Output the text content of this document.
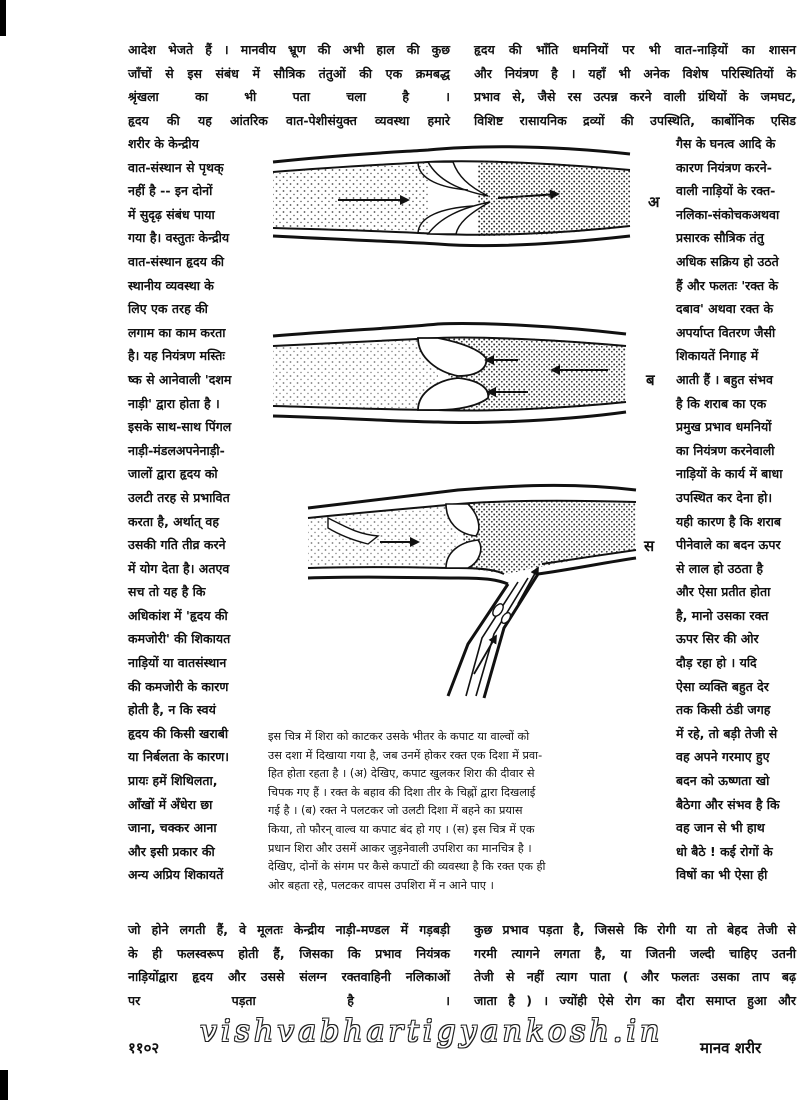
आदेश भेजते हैं । मानवीय भ्रूण की अभी हाल की कुछ
जाँचों से इस संबंध में सौत्रिक तंतुओं की एक क्रमबद्ध
श्रृंखला का भी पता चला है ।
हृदय की यह आंतरिक वात-पेशीसंयुक्त व्यवस्था हमारे
हृदय की भाँति धमनियों पर भी वात-नाड़ियों का शासन
और नियंत्रण है । यहाँ भी अनेक विशेष परिस्थितियों के
प्रभाव से, जैसे रस उत्पन्न करने वाली ग्रंथियों के जमघट,
विशिष्ट रासायनिक द्रव्यों की उपस्थिति, कार्बोनिक एसिड
शरीर के केन्द्रीय
वात-संस्थान से पृथक्
नहीं है -- इन दोनों
में सुदृढ़ संबंध पाया
गया है। वस्तुतः केन्द्रीय
वात-संस्थान हृदय की
स्थानीय व्यवस्था के
लिए एक तरह की
लगाम का काम करता
है। यह नियंत्रण मस्तिः
ष्क से आनेवाली 'दशम
नाड़ी' द्वारा होता है ।
इसके साथ-साथ पिंगल
नाड़ी-मंडलअपनेनाड़ी-
जालों द्वारा हृदय को
उलटी तरह से प्रभावित
करता है, अर्थात् वह
उसकी गति तीव्र करने
में योग देता है। अतएव
सच तो यह है कि
अधिकांश में 'हृदय की
कमजोरी' की शिकायत
नाड़ियों या वातसंस्थान
की कमजोरी के कारण
होती है, न कि स्वयं
हृदय की किसी खराबी
या निर्बलता के कारण।
प्रायः हमें शिथिलता,
आँखों में अँधेरा छा
जाना, चक्कर आना
और इसी प्रकार की
अन्य अप्रिय शिकायतें
गैस के घनत्व आदि के
कारण नियंत्रण करने-
वाली नाड़ियों के रक्त-
नलिका-संकोचकअथवा
प्रसारक सौत्रिक तंतु
अधिक सक्रिय हो उठते
हैं और फलतः 'रक्त के
दबाव' अथवा रक्त के
अपर्याप्त वितरण जैसी
शिकायतें निगाह में
आती हैं । बहुत संभव
है कि शराब का एक
प्रमुख प्रभाव धमनियों
का नियंत्रण करनेवाली
नाड़ियों के कार्य में बाधा
उपस्थित कर देना हो।
यही कारण है कि शराब
पीनेवाले का बदन ऊपर
से लाल हो उठता है
और ऐसा प्रतीत होता
है, मानो उसका रक्त
ऊपर सिर की ओर
दौड़ रहा हो । यदि
ऐसा व्यक्ति बहुत देर
तक किसी ठंडी जगह
में रहे, तो बड़ी तेजी से
वह अपने गरमाए हुए
बदन को ऊष्णता खो
बैठेगा और संभव है कि
वह जान से भी हाथ
धो बैठे ! कई रोगों के
विषों का भी ऐसा ही
इस चित्र में शिरा को काटकर उसके भीतर के कपाट या वाल्वों को
उस दशा में दिखाया गया है, जब उनमें होकर रक्त एक दिशा में प्रवा-
हित होता रहता है । (अ) देखिए, कपाट खुलकर शिरा की दीवार से
चिपक गए हैं । रक्त के बहाव की दिशा तीर के चिह्नों द्वारा दिखलाई
गई है । (ब) रक्त ने पलटकर जो उलटी दिशा में बहने का प्रयास
किया, तो फौरन् वाल्व या कपाट बंद हो गए । (स) इस चित्र में एक
प्रधान शिरा और उसमें आकर जुड़नेवाली उपशिरा का मानचित्र है ।
देखिए, दोनों के संगम पर कैसे कपाटों की व्यवस्था है कि रक्त एक ही
ओर बहता रहे, पलटकर वापस उपशिरा में न आने पाए ।
जो होने लगती हैं, वे मूलतः केन्द्रीय नाड़ी-मण्डल में गड़बड़ी
के ही फलस्वरूप होती हैं, जिसका कि प्रभाव नियंत्रक
नाड़ियोंद्वारा हृदय और उससे संलग्न रक्तवाहिनी नलिकाओं
पर पड़ता है ।
कुछ प्रभाव पड़ता है, जिससे कि रोगी या तो बेहद तेजी से
गरमी त्यागने लगता है, या जितनी जल्दी चाहिए उतनी
तेजी से नहीं त्याग पाता ( और फलतः उसका ताप बढ़
जाता है ) । ज्योंही ऐसे रोग का दौरा समाप्त हुआ और
अ
ब
स
११०२ vishvabhartigyankosh.in मानव शरीर
